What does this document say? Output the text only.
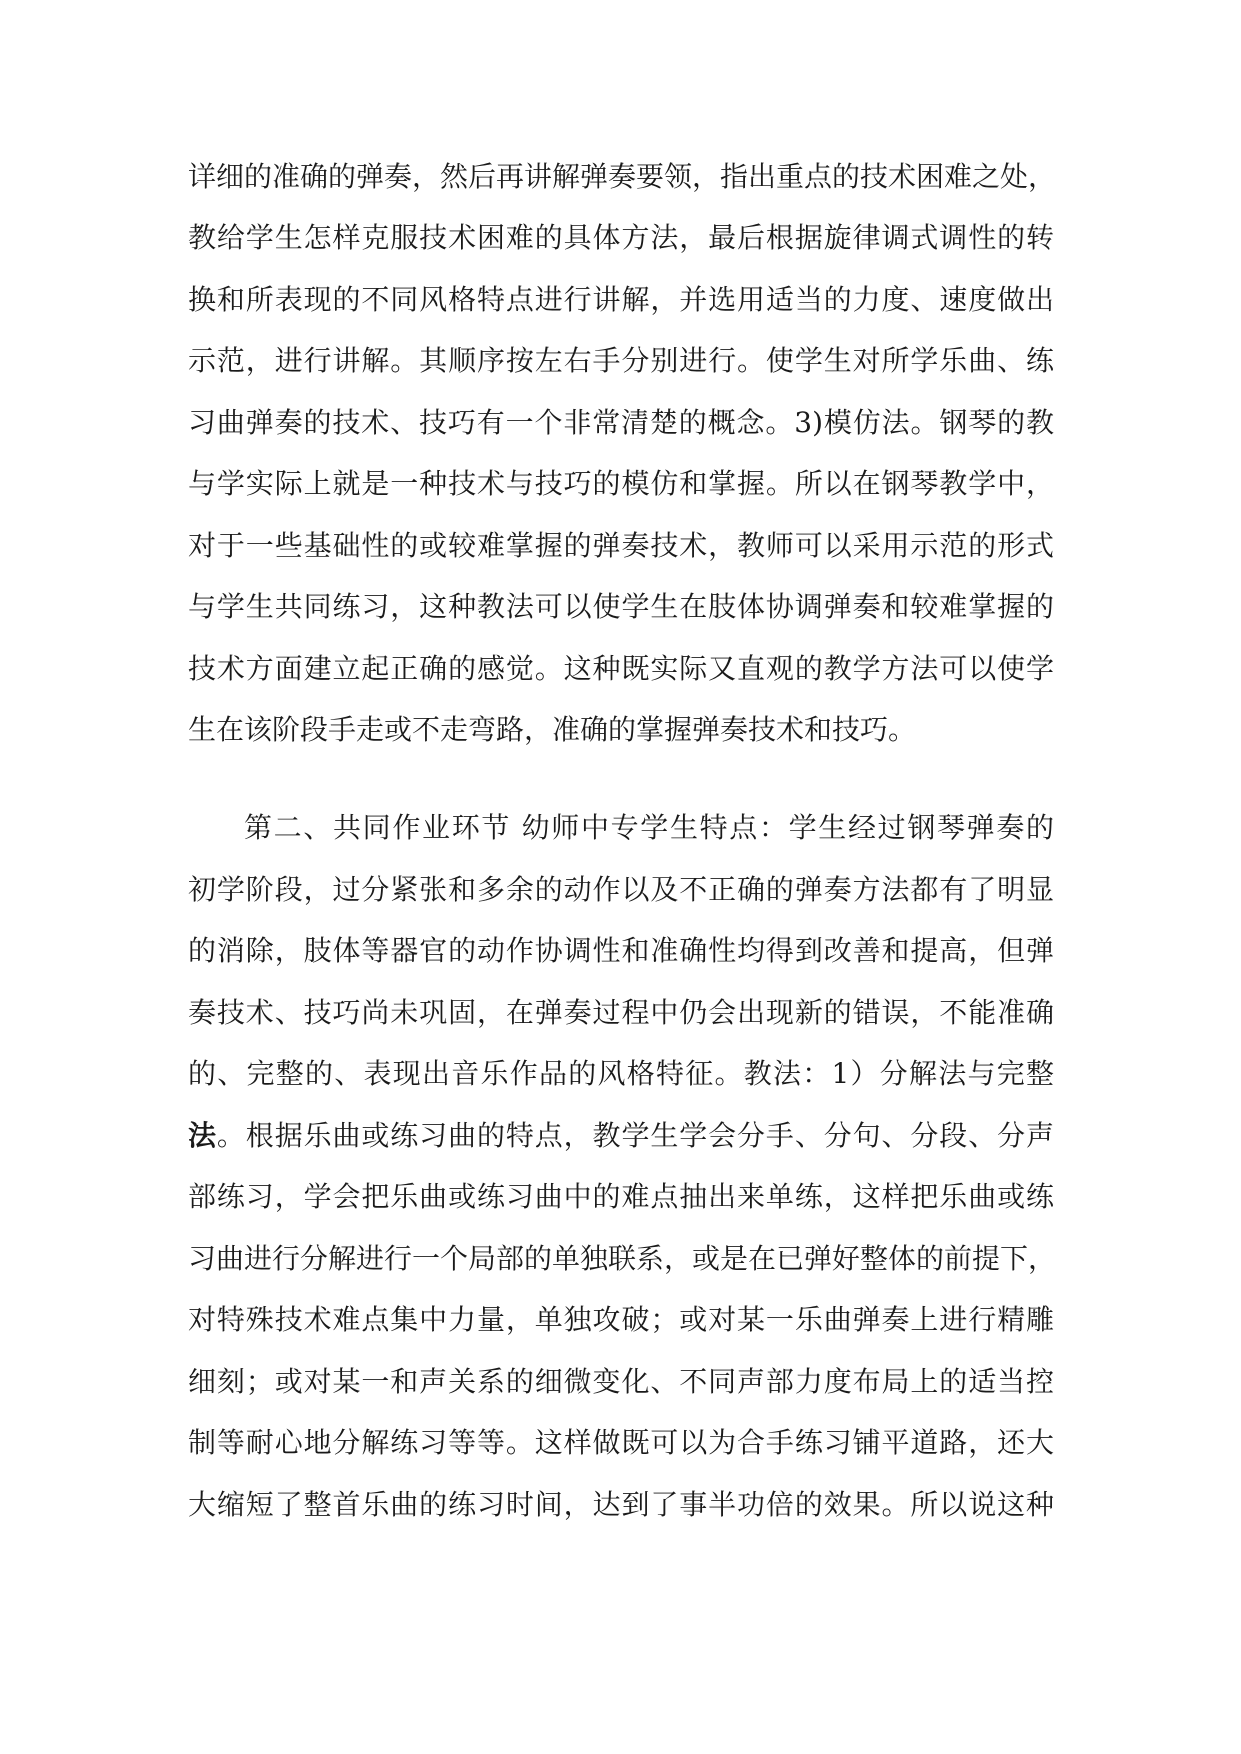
详细的准确的弹奏，然后再讲解弹奏要领，指出重点的技术困难之处，
教给学生怎样克服技术困难的具体方法，最后根据旋律调式调性的转
换和所表现的不同风格特点进行讲解，并选用适当的力度、速度做出
示范，进行讲解。其顺序按左右手分别进行。使学生对所学乐曲、练
习曲弹奏的技术、技巧有一个非常清楚的概念。3)模仿法。钢琴的教
与学实际上就是一种技术与技巧的模仿和掌握。所以在钢琴教学中，
对于一些基础性的或较难掌握的弹奏技术，教师可以采用示范的形式
与学生共同练习，这种教法可以使学生在肢体协调弹奏和较难掌握的
技术方面建立起正确的感觉。这种既实际又直观的教学方法可以使学
生在该阶段手走或不走弯路，准确的掌握弹奏技术和技巧。
第二、共同作业环节 幼师中专学生特点：学生经过钢琴弹奏的
初学阶段，过分紧张和多余的动作以及不正确的弹奏方法都有了明显
的消除，肢体等器官的动作协调性和准确性均得到改善和提高，但弹
奏技术、技巧尚未巩固，在弹奏过程中仍会出现新的错误，不能准确
的、完整的、表现出音乐作品的风格特征。教法：1）分解法与完整
法。根据乐曲或练习曲的特点，教学生学会分手、分句、分段、分声
部练习，学会把乐曲或练习曲中的难点抽出来单练，这样把乐曲或练
习曲进行分解进行一个局部的单独联系，或是在已弹好整体的前提下，
对特殊技术难点集中力量，单独攻破；或对某一乐曲弹奏上进行精雕
细刻；或对某一和声关系的细微变化、不同声部力度布局上的适当控
制等耐心地分解练习等等。这样做既可以为合手练习铺平道路，还大
大缩短了整首乐曲的练习时间，达到了事半功倍的效果。所以说这种
